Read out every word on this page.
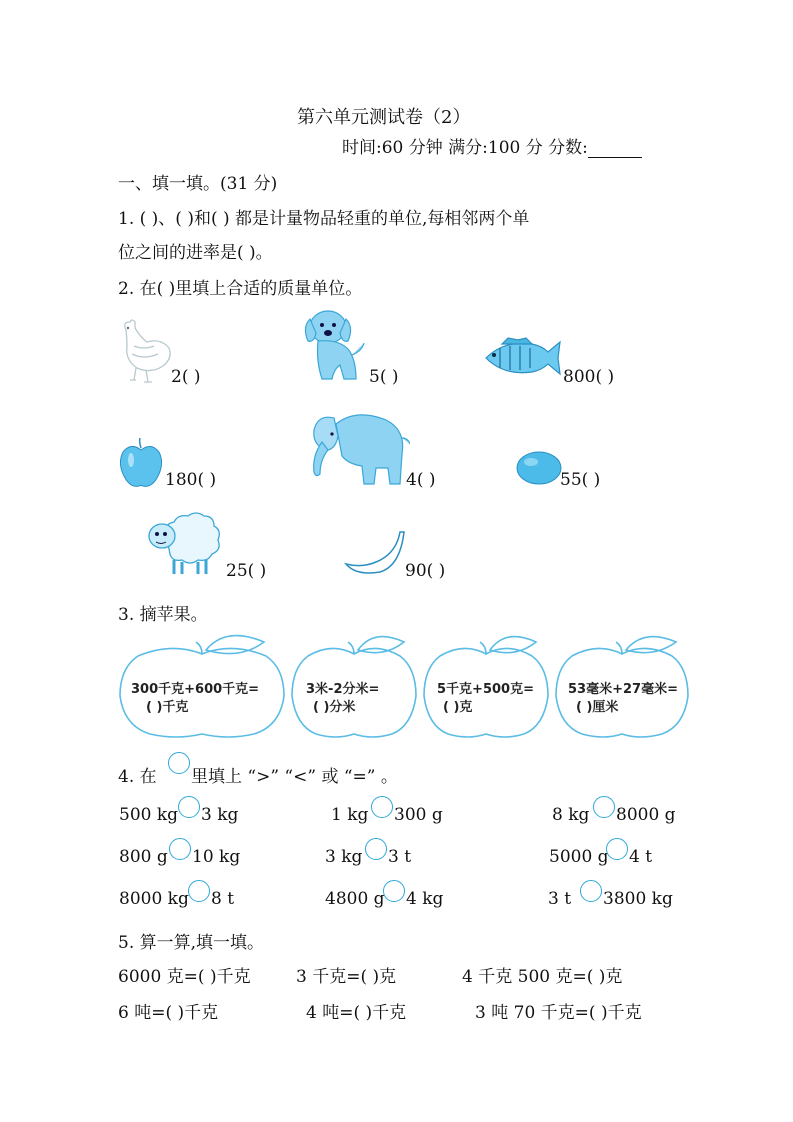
第六单元测试卷（2）
时间:60 分钟 满分:100 分 分数:
一、填一填。(31 分)
1. ( )、( )和( ) 都是计量物品轻重的单位,每相邻两个单
位之间的进率是( )。
2. 在( )里填上合适的质量单位。
2( )	5( )	800( )
180( )	4( )	55( )
25( )	90( )
3. 摘苹果。
300千克+600千克=
( )千克
3米-2分米=
( )分米
5千克+500克=
( )克
53毫米+27毫米=
( )厘米
4. 在 里填上 “>” “<” 或 “=” 。
500 kg 3 kg	1 kg 300 g	8 kg 8000 g
800 g 10 kg	3 kg 3 t	5000 g 4 t
8000 kg 8 t	4800 g 4 kg	3 t 3800 kg
5. 算一算,填一填。
6000 克=( )千克	3 千克=( )克	4 千克 500 克=( )克
6 吨=( )千克	4 吨=( )千克	3 吨 70 千克=( )千克
